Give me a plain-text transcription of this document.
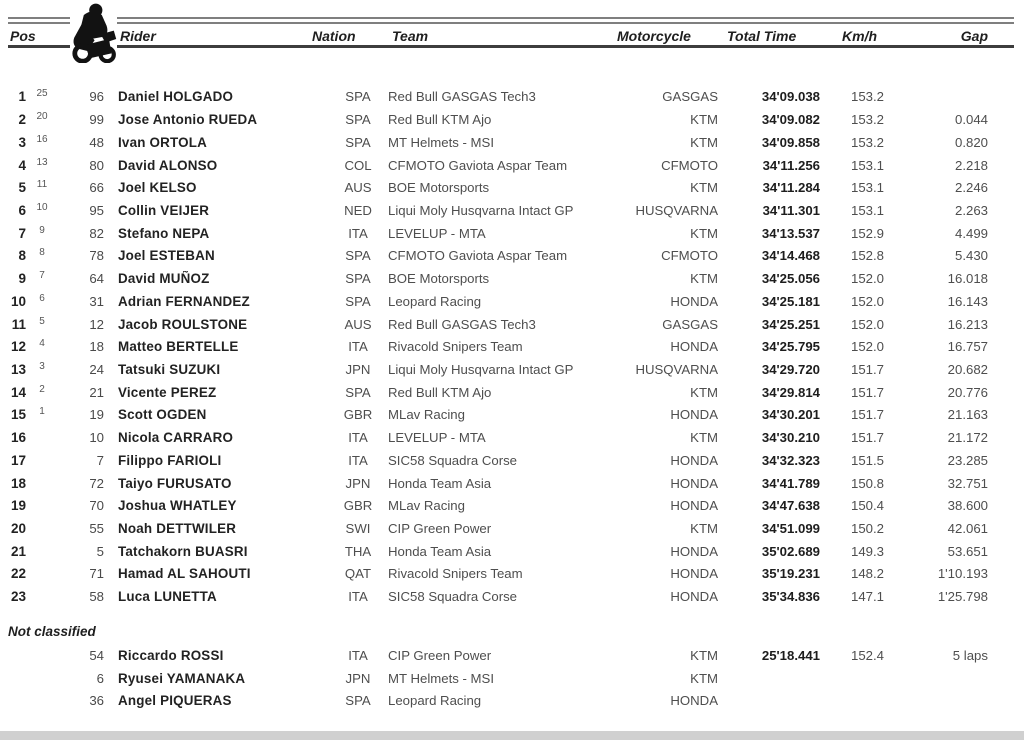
Pos	Rider	Nation	Team	Motorcycle	Total Time	Km/h	Gap
1	25	96	Daniel HOLGADO	SPA	Red Bull GASGAS Tech3	GASGAS	34'09.038	153.2
2	20	99	Jose Antonio RUEDA	SPA	Red Bull KTM Ajo	KTM	34'09.082	153.2	0.044
3	16	48	Ivan ORTOLA	SPA	MT Helmets - MSI	KTM	34'09.858	153.2	0.820
4	13	80	David ALONSO	COL	CFMOTO Gaviota Aspar Team	CFMOTO	34'11.256	153.1	2.218
5	11	66	Joel KELSO	AUS	BOE Motorsports	KTM	34'11.284	153.1	2.246
6	10	95	Collin VEIJER	NED	Liqui Moly Husqvarna Intact GP	HUSQVARNA	34'11.301	153.1	2.263
7	9	82	Stefano NEPA	ITA	LEVELUP - MTA	KTM	34'13.537	152.9	4.499
8	8	78	Joel ESTEBAN	SPA	CFMOTO Gaviota Aspar Team	CFMOTO	34'14.468	152.8	5.430
9	7	64	David MUÑOZ	SPA	BOE Motorsports	KTM	34'25.056	152.0	16.018
10	6	31	Adrian FERNANDEZ	SPA	Leopard Racing	HONDA	34'25.181	152.0	16.143
11	5	12	Jacob ROULSTONE	AUS	Red Bull GASGAS Tech3	GASGAS	34'25.251	152.0	16.213
12	4	18	Matteo BERTELLE	ITA	Rivacold Snipers Team	HONDA	34'25.795	152.0	16.757
13	3	24	Tatsuki SUZUKI	JPN	Liqui Moly Husqvarna Intact GP	HUSQVARNA	34'29.720	151.7	20.682
14	2	21	Vicente PEREZ	SPA	Red Bull KTM Ajo	KTM	34'29.814	151.7	20.776
15	1	19	Scott OGDEN	GBR	MLav Racing	HONDA	34'30.201	151.7	21.163
16	10	Nicola CARRARO	ITA	LEVELUP - MTA	KTM	34'30.210	151.7	21.172
17	7	Filippo FARIOLI	ITA	SIC58 Squadra Corse	HONDA	34'32.323	151.5	23.285
18	72	Taiyo FURUSATO	JPN	Honda Team Asia	HONDA	34'41.789	150.8	32.751
19	70	Joshua WHATLEY	GBR	MLav Racing	HONDA	34'47.638	150.4	38.600
20	55	Noah DETTWILER	SWI	CIP Green Power	KTM	34'51.099	150.2	42.061
21	5	Tatchakorn BUASRI	THA	Honda Team Asia	HONDA	35'02.689	149.3	53.651
22	71	Hamad AL SAHOUTI	QAT	Rivacold Snipers Team	HONDA	35'19.231	148.2	1'10.193
23	58	Luca LUNETTA	ITA	SIC58 Squadra Corse	HONDA	35'34.836	147.1	1'25.798
Not classified
54	Riccardo ROSSI	ITA	CIP Green Power	KTM	25'18.441	152.4	5 laps
6	Ryusei YAMANAKA	JPN	MT Helmets - MSI	KTM
36	Angel PIQUERAS	SPA	Leopard Racing	HONDA
